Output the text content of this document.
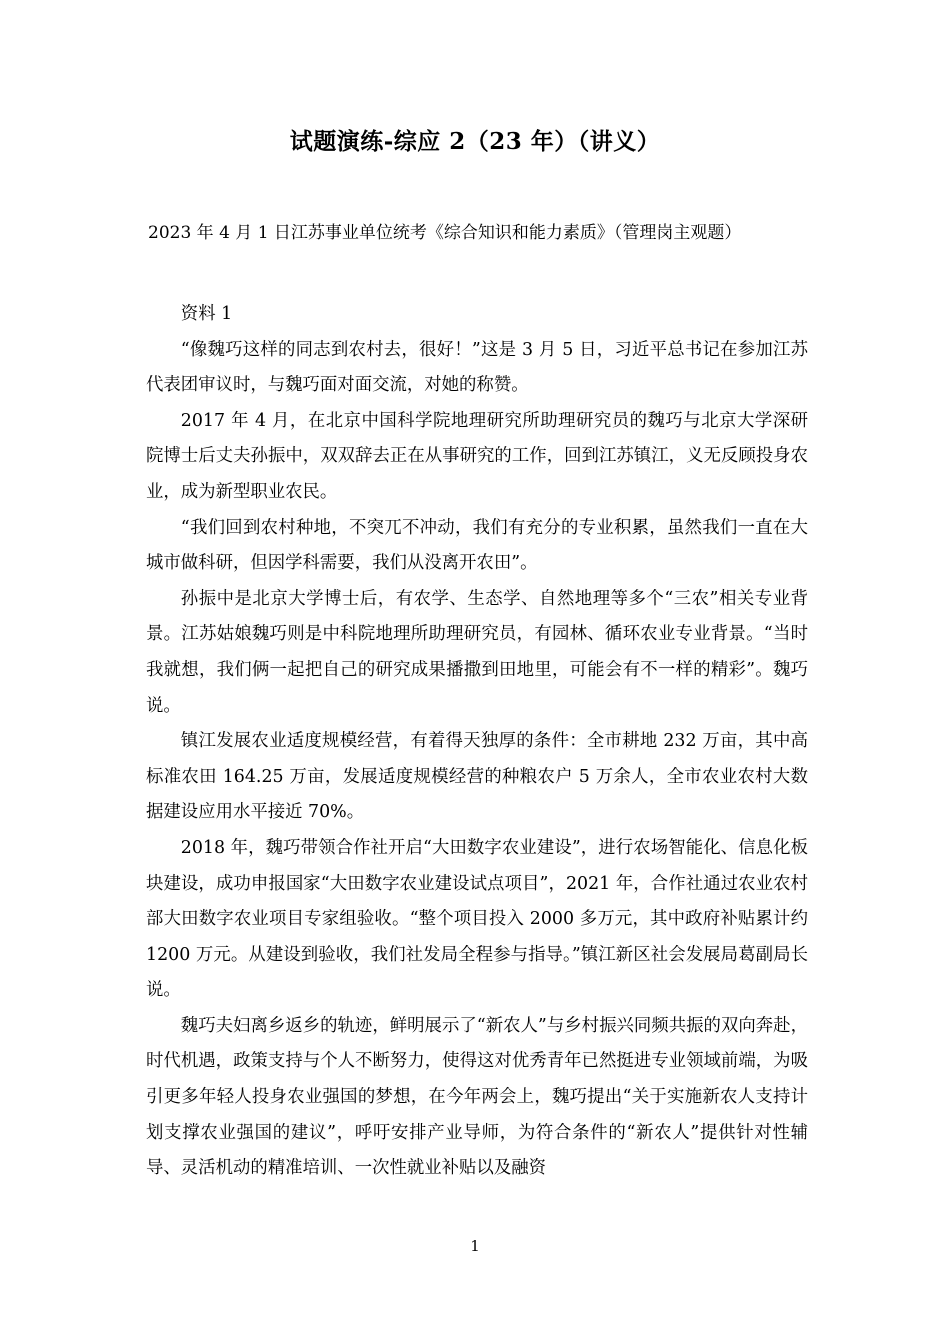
试题演练-综应 2（23 年）（讲义）
2023 年 4 月 1 日江苏事业单位统考《综合知识和能力素质》（管理岗主观题）

资料 1

“像魏巧这样的同志到农村去，很好！”这是 3 月 5 日，习近平总书记在参加江苏代表团审议时，与魏巧面对面交流，对她的称赞。

2017 年 4 月，在北京中国科学院地理研究所助理研究员的魏巧与北京大学深研院博士后丈夫孙振中，双双辞去正在从事研究的工作，回到江苏镇江，义无反顾投身农业，成为新型职业农民。

“我们回到农村种地，不突兀不冲动，我们有充分的专业积累，虽然我们一直在大城市做科研，但因学科需要，我们从没离开农田”。

孙振中是北京大学博士后，有农学、生态学、自然地理等多个“三农”相关专业背景。江苏姑娘魏巧则是中科院地理所助理研究员，有园林、循环农业专业背景。“当时我就想，我们俩一起把自己的研究成果播撒到田地里，可能会有不一样的精彩”。魏巧说。

镇江发展农业适度规模经营，有着得天独厚的条件：全市耕地 232 万亩，其中高标准农田 164.25 万亩，发展适度规模经营的种粮农户 5 万余人，全市农业农村大数据建设应用水平接近 70%。

2018 年，魏巧带领合作社开启“大田数字农业建设”，进行农场智能化、信息化板块建设，成功申报国家“大田数字农业建设试点项目”，2021 年，合作社通过农业农村部大田数字农业项目专家组验收。“整个项目投入 2000 多万元，其中政府补贴累计约 1200 万元。从建设到验收，我们社发局全程参与指导。”镇江新区社会发展局葛副局长说。

魏巧夫妇离乡返乡的轨迹，鲜明展示了“新农人”与乡村振兴同频共振的双向奔赴，时代机遇，政策支持与个人不断努力，使得这对优秀青年已然挺进专业领域前端，为吸引更多年轻人投身农业强国的梦想，在今年两会上，魏巧提出“关于实施新农人支持计划支撑农业强国的建议”，呼吁安排产业导师，为符合条件的“新农人”提供针对性辅导、灵活机动的精准培训、一次性就业补贴以及融资

1
